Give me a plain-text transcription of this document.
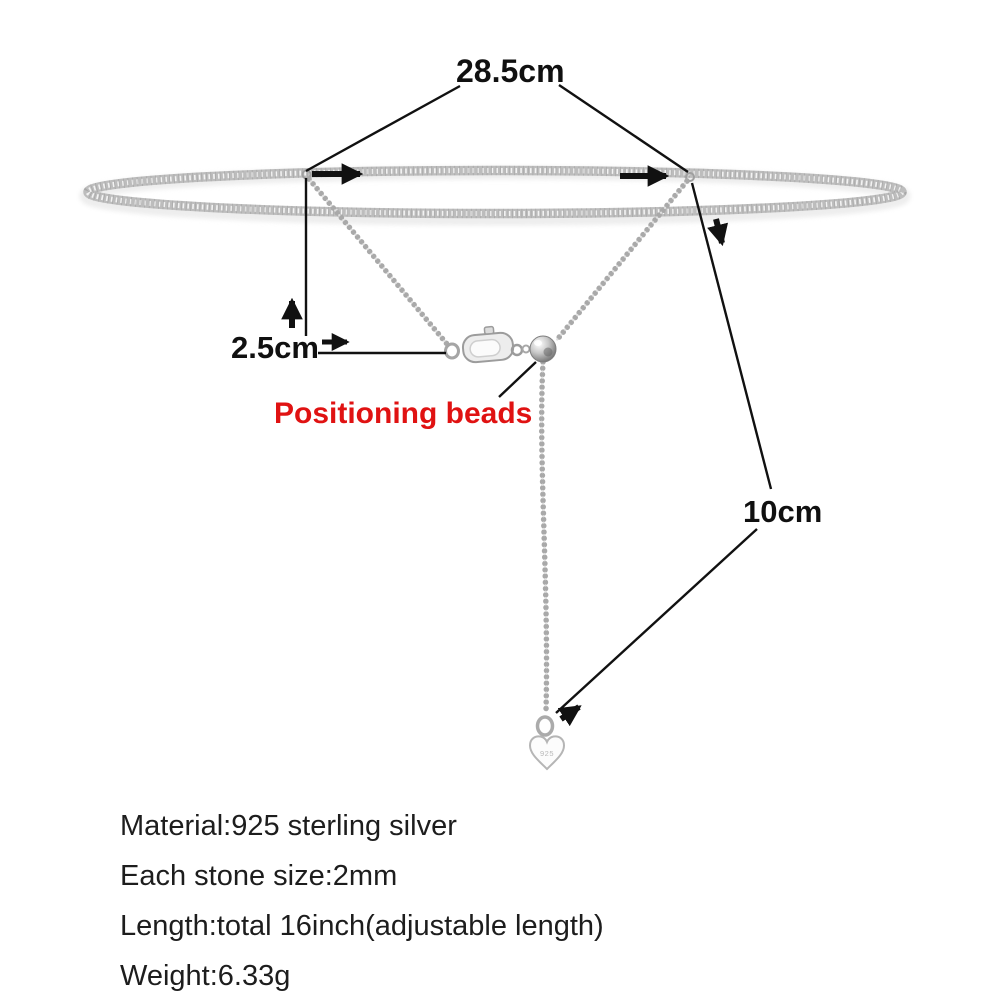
925
28.5cm
2.5cm
Positioning beads
10cm
Material:925 sterling silver
Each stone size:2mm
Length:total 16inch(adjustable length)
Weight:6.33g
